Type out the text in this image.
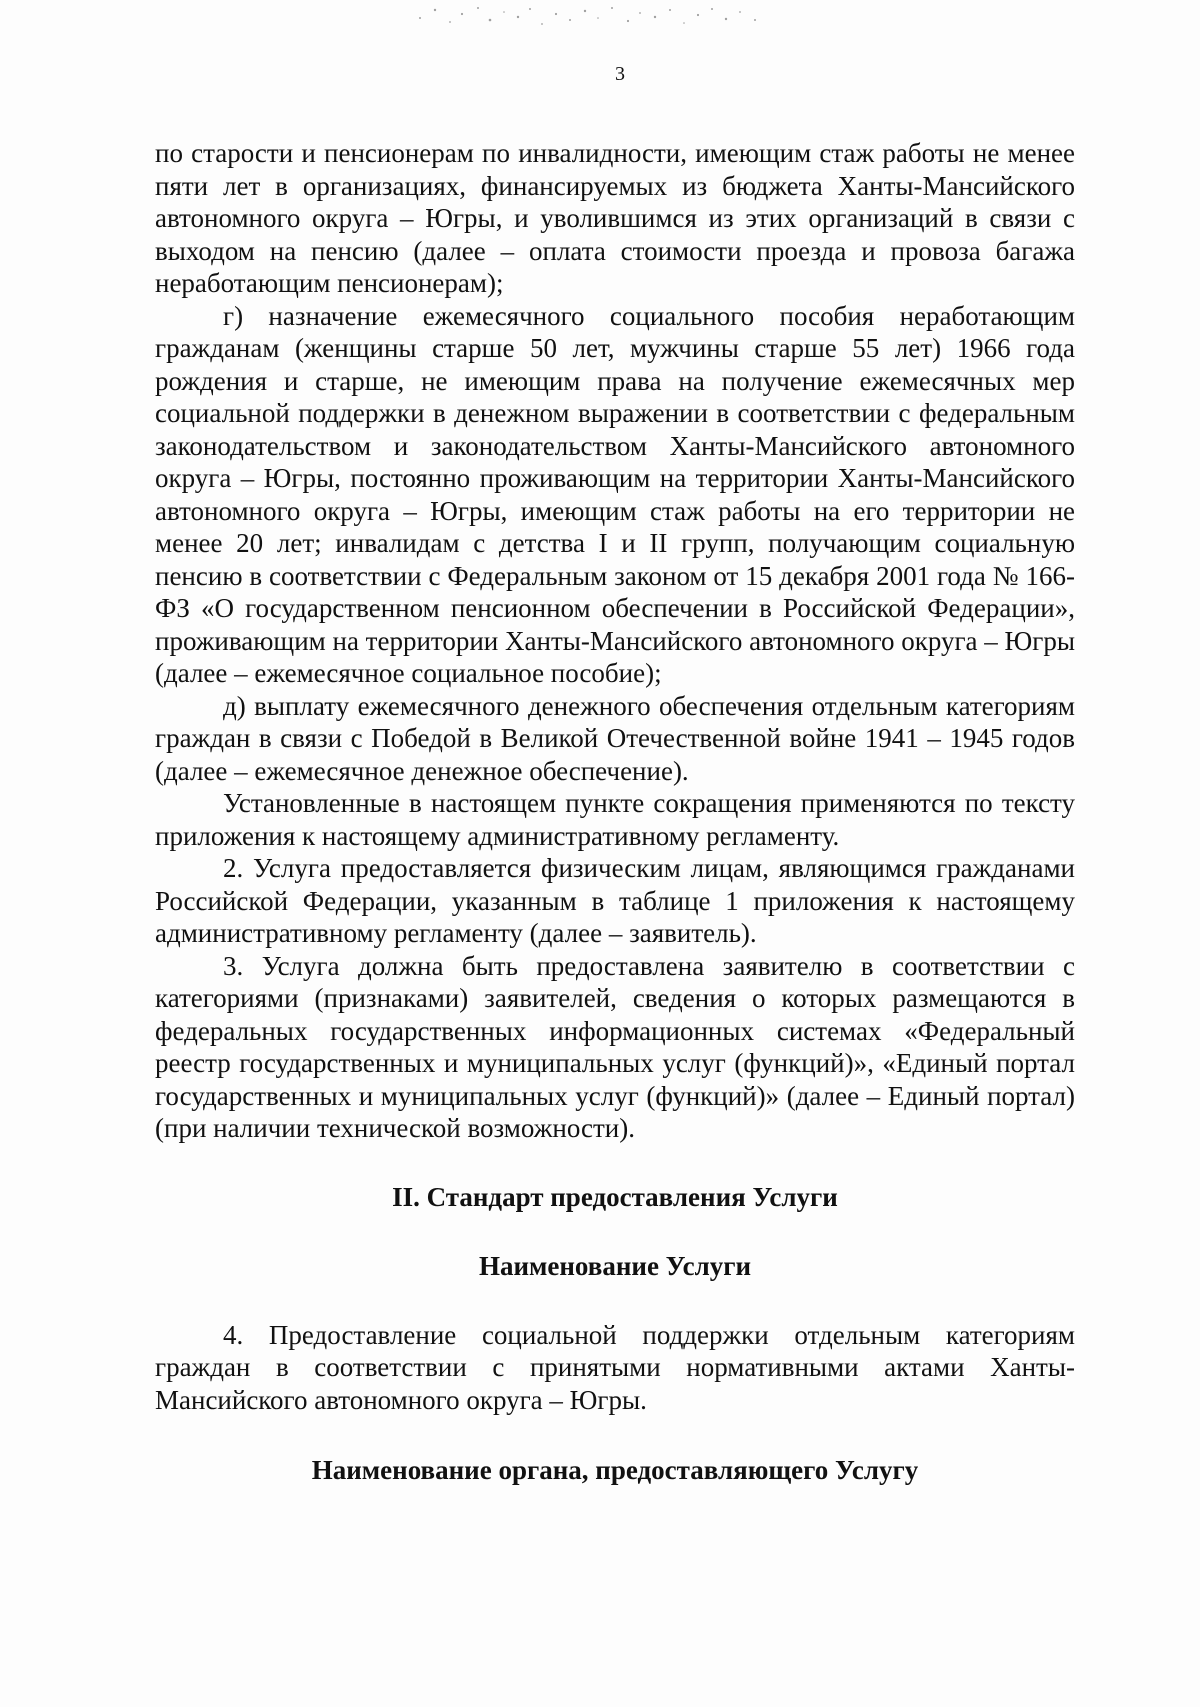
3

по старости и пенсионерам по инвалидности, имеющим стаж работы не менее пяти лет в организациях, финансируемых из бюджета Ханты-Мансийского автономного округа – Югры, и уволившимся из этих организаций в связи с выходом на пенсию (далее – оплата стоимости проезда и провоза багажа неработающим пенсионерам);

г) назначение ежемесячного социального пособия неработающим гражданам (женщины старше 50 лет, мужчины старше 55 лет) 1966 года рождения и старше, не имеющим права на получение ежемесячных мер социальной поддержки в денежном выражении в соответствии с федеральным законодательством и законодательством Ханты-Мансийского автономного округа – Югры, постоянно проживающим на территории Ханты-Мансийского автономного округа – Югры, имеющим стаж работы на его территории не менее 20 лет; инвалидам с детства I и II групп, получающим социальную пенсию в соответствии с Федеральным законом от 15 декабря 2001 года № 166-ФЗ «О государственном пенсионном обеспечении в Российской Федерации», проживающим на территории Ханты-Мансийского автономного округа – Югры (далее – ежемесячное социальное пособие);

д) выплату ежемесячного денежного обеспечения отдельным категориям граждан в связи с Победой в Великой Отечественной войне 1941 – 1945 годов (далее – ежемесячное денежное обеспечение).

Установленные в настоящем пункте сокращения применяются по тексту приложения к настоящему административному регламенту.

2. Услуга предоставляется физическим лицам, являющимся гражданами Российской Федерации, указанным в таблице 1 приложения к настоящему административному регламенту (далее – заявитель).

3. Услуга должна быть предоставлена заявителю в соответствии с категориями (признаками) заявителей, сведения о которых размещаются в федеральных государственных информационных системах «Федеральный реестр государственных и муниципальных услуг (функций)», «Единый портал государственных и муниципальных услуг (функций)» (далее – Единый портал) (при наличии технической возможности).

II. Стандарт предоставления Услуги
Наименование Услуги

4. Предоставление социальной поддержки отдельным категориям граждан в соответствии с принятыми нормативными актами Ханты-Мансийского автономного округа – Югры.

Наименование органа, предоставляющего Услугу
